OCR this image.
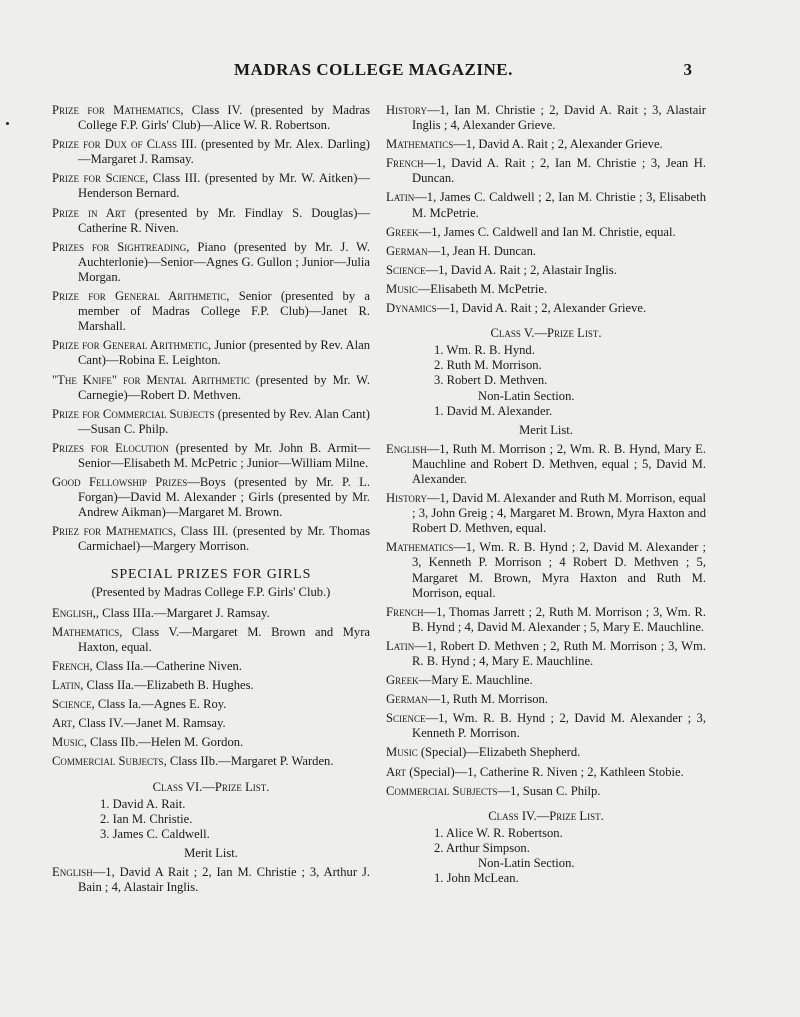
MADRAS COLLEGE MAGAZINE.	3

Prize for Mathematics, Class IV. (presented by Madras College F.P. Girls' Club)—Alice W. R. Robertson.

Prize for Dux of Class III. (presented by Mr. Alex. Darling)—Margaret J. Ramsay.

Prize for Science, Class III. (presented by Mr. W. Aitken)—Henderson Bernard.

Prize in Art (presented by Mr. Findlay S. Douglas)—Catherine R. Niven.

Prizes for Sightreading, Piano (presented by Mr. J. W. Auchterlonie)—Senior—Agnes G. Gullon ; Junior—Julia Morgan.

Prize for General Arithmetic, Senior (presented by a member of Madras College F.P. Club)—Janet R. Marshall.

Prize for General Arithmetic, Junior (presented by Rev. Alan Cant)—Robina E. Leighton.

"The Knife" for Mental Arithmetic (presented by Mr. W. Carnegie)—Robert D. Methven.

Prize for Commercial Subjects (presented by Rev. Alan Cant)—Susan C. Philp.

Prizes for Elocution (presented by Mr. John B. Armit—Senior—Elisabeth M. McPetric ; Junior—William Milne.

Good Fellowship Prizes—Boys (presented by Mr. P. L. Forgan)—David M. Alexander ; Girls (presented by Mr. Andrew Aikman)—Margaret M. Brown.

Priez for Mathematics, Class III. (presented by Mr. Thomas Carmichael)—Margery Morrison.

SPECIAL PRIZES FOR GIRLS
(Presented by Madras College F.P. Girls' Club.)

English,, Class IIIa.—Margaret J. Ramsay.

Mathematics, Class V.—Margaret M. Brown and Myra Haxton, equal.

French, Class IIa.—Catherine Niven.

Latin, Class IIa.—Elizabeth B. Hughes.

Science, Class Ia.—Agnes E. Roy.

Art, Class IV.—Janet M. Ramsay.

Music, Class IIb.—Helen M. Gordon.

Commercial Subjects, Class IIb.—Margaret P. Warden.

Class VI.—Prize List.
1. David A. Rait.
2. Ian M. Christie.
3. James C. Caldwell.
Merit List.

English—1, David A Rait ; 2, Ian M. Christie ; 3, Arthur J. Bain ; 4, Alastair Inglis.

History—1, Ian M. Christie ; 2, David A. Rait ; 3, Alastair Inglis ; 4, Alexander Grieve.

Mathematics—1, David A. Rait ; 2, Alexander Grieve.

French—1, David A. Rait ; 2, Ian M. Christie ; 3, Jean H. Duncan.

Latin—1, James C. Caldwell ; 2, Ian M. Christie ; 3, Elisabeth M. McPetrie.

Greek—1, James C. Caldwell and Ian M. Christie, equal.

German—1, Jean H. Duncan.

Science—1, David A. Rait ; 2, Alastair Inglis.

Music—Elisabeth M. McPetrie.

Dynamics—1, David A. Rait ; 2, Alexander Grieve.

Class V.—Prize List.
1. Wm. R. B. Hynd.
2. Ruth M. Morrison.
3. Robert D. Methven.
Non-Latin Section.
1. David M. Alexander.
Merit List.

English—1, Ruth M. Morrison ; 2, Wm. R. B. Hynd, Mary E. Mauchline and Robert D. Methven, equal ; 5, David M. Alexander.

History—1, David M. Alexander and Ruth M. Morrison, equal ; 3, John Greig ; 4, Margaret M. Brown, Myra Haxton and Robert D. Methven, equal.

Mathematics—1, Wm. R. B. Hynd ; 2, David M. Alexander ; 3, Kenneth P. Morrison ; 4 Robert D. Methven ; 5, Margaret M. Brown, Myra Haxton and Ruth M. Morrison, equal.

French—1, Thomas Jarrett ; 2, Ruth M. Morrison ; 3, Wm. R. B. Hynd ; 4, David M. Alexander ; 5, Mary E. Mauchline.

Latin—1, Robert D. Methven ; 2, Ruth M. Morrison ; 3, Wm. R. B. Hynd ; 4, Mary E. Mauchline.

Greek—Mary E. Mauchline.

German—1, Ruth M. Morrison.

Science—1, Wm. R. B. Hynd ; 2, David M. Alexander ; 3, Kenneth P. Morrison.

Music (Special)—Elizabeth Shepherd.

Art (Special)—1, Catherine R. Niven ; 2, Kathleen Stobie.

Commercial Subjects—1, Susan C. Philp.

Class IV.—Prize List.
1. Alice W. R. Robertson.
2. Arthur Simpson.
Non-Latin Section.
1. John McLean.
